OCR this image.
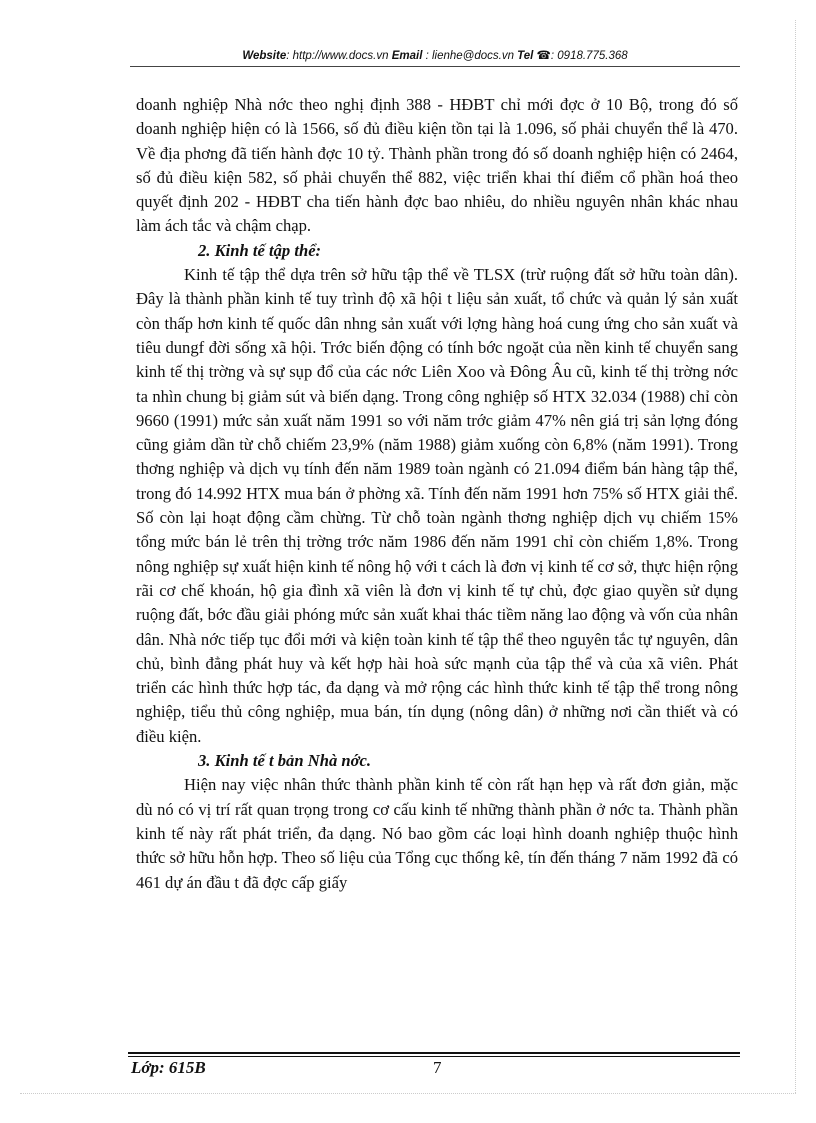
Website: http://www.docs.vn Email : lienhe@docs.vn Tel ☎: 0918.775.368

doanh nghiệp Nhà nớc theo nghị định 388 - HĐBT chỉ mới đợc ở 10 Bộ, trong đó số doanh nghiệp hiện có là 1566, số đủ điều kiện tồn tại là 1.096, số phải chuyển thể là 470. Về địa phơng đã tiến hành đợc 10 tỷ. Thành phần trong đó số doanh nghiệp hiện có 2464, số đủ điều kiện 582, số phải chuyển thể 882, việc triển khai thí điểm cổ phần hoá theo quyết định 202 - HĐBT cha tiến hành đợc bao nhiêu, do nhiều nguyên nhân khác nhau làm ách tắc và chậm chạp.

2. Kinh tế tập thể:

Kinh tế tập thể dựa trên sở hữu tập thể về TLSX (trừ ruộng đất sở hữu toàn dân). Đây là thành phần kinh tế tuy trình độ xã hội t liệu sản xuất, tổ chức và quản lý sản xuất còn thấp hơn kinh tế quốc dân nhng sản xuất với lợng hàng hoá cung ứng cho sản xuất và tiêu dungf đời sống xã hội. Trớc biến động có tính bớc ngoặt của nền kinh tế chuyển sang kinh tế thị trờng và sự sụp đổ của các nớc Liên Xoo và Đông Âu cũ, kinh tế thị trờng nớc ta nhìn chung bị giảm sút và biến dạng. Trong công nghiệp số HTX 32.034 (1988) chỉ còn 9660 (1991) mức sản xuất năm 1991 so với năm trớc giảm 47% nên giá trị sản lợng đóng cũng giảm dần từ chỗ chiếm 23,9% (năm 1988) giảm xuống còn 6,8% (năm 1991). Trong thơng nghiệp và dịch vụ tính đến năm 1989 toàn ngành có 21.094 điểm bán hàng tập thể, trong đó 14.992 HTX mua bán ở phờng xã. Tính đến năm 1991 hơn 75% số HTX giải thể. Số còn lại hoạt động cầm chừng. Từ chỗ toàn ngành thơng nghiệp dịch vụ chiếm 15% tổng mức bán lẻ trên thị trờng trớc năm 1986 đến năm 1991 chỉ còn chiếm 1,8%. Trong nông nghiệp sự xuất hiện kinh tế nông hộ với t cách là đơn vị kinh tế cơ sở, thực hiện rộng rãi cơ chế khoán, hộ gia đình xã viên là đơn vị kinh tế tự chủ, đợc giao quyền sử dụng ruộng đất, bớc đầu giải phóng mức sản xuất khai thác tiềm năng lao động và vốn của nhân dân. Nhà nớc tiếp tục đổi mới và kiện toàn kinh tế tập thể theo nguyên tắc tự nguyên, dân chủ, bình đẳng phát huy và kết hợp hài hoà sức mạnh của tập thể và của xã viên. Phát triển các hình thức hợp tác, đa dạng và mở rộng các hình thức kinh tế tập thể trong nông nghiệp, tiểu thủ công nghiệp, mua bán, tín dụng (nông dân) ở những nơi cần thiết và có điều kiện.

3. Kinh tế t bản Nhà nớc.

Hiện nay việc nhân thức thành phần kinh tế còn rất hạn hẹp và rất đơn giản, mặc dù nó có vị trí rất quan trọng trong cơ cấu kinh tế những thành phần ở nớc ta. Thành phần kinh tế này rất phát triển, đa dạng. Nó bao gồm các loại hình doanh nghiệp thuộc hình thức sở hữu hỗn hợp. Theo số liệu của Tổng cục thống kê, tín đến tháng 7 năm 1992 đã có 461 dự án đầu t đã đợc cấp giấy

Lớp: 615B	7
